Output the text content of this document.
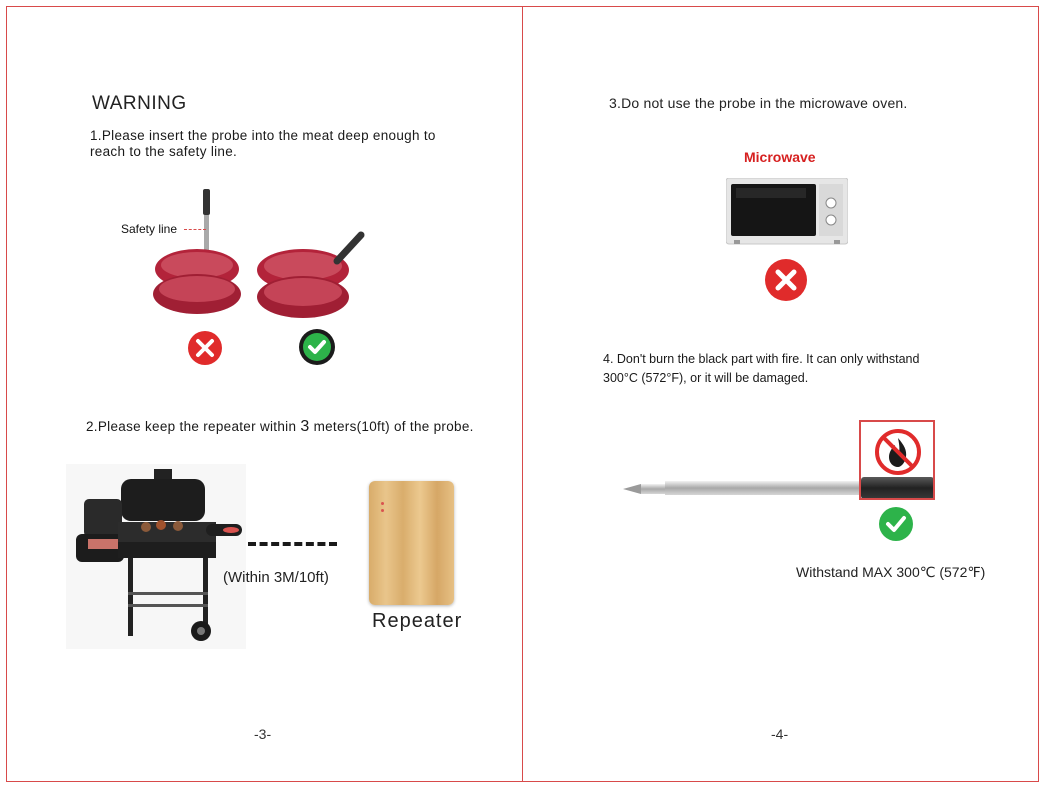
WARNING
1.Please insert the probe into the meat deep enough to
reach to the safety line.
Safety line
2.Please keep the repeater within 3 meters(10ft) of the probe.
(Within 3M/10ft)
Repeater
-3-
3.Do not use the probe in the microwave oven.
Microwave
4. Don't burn the black part with fire. It can only withstand
300°C (572°F), or it will be damaged.
Withstand MAX 300℃ (572℉)
-4-
